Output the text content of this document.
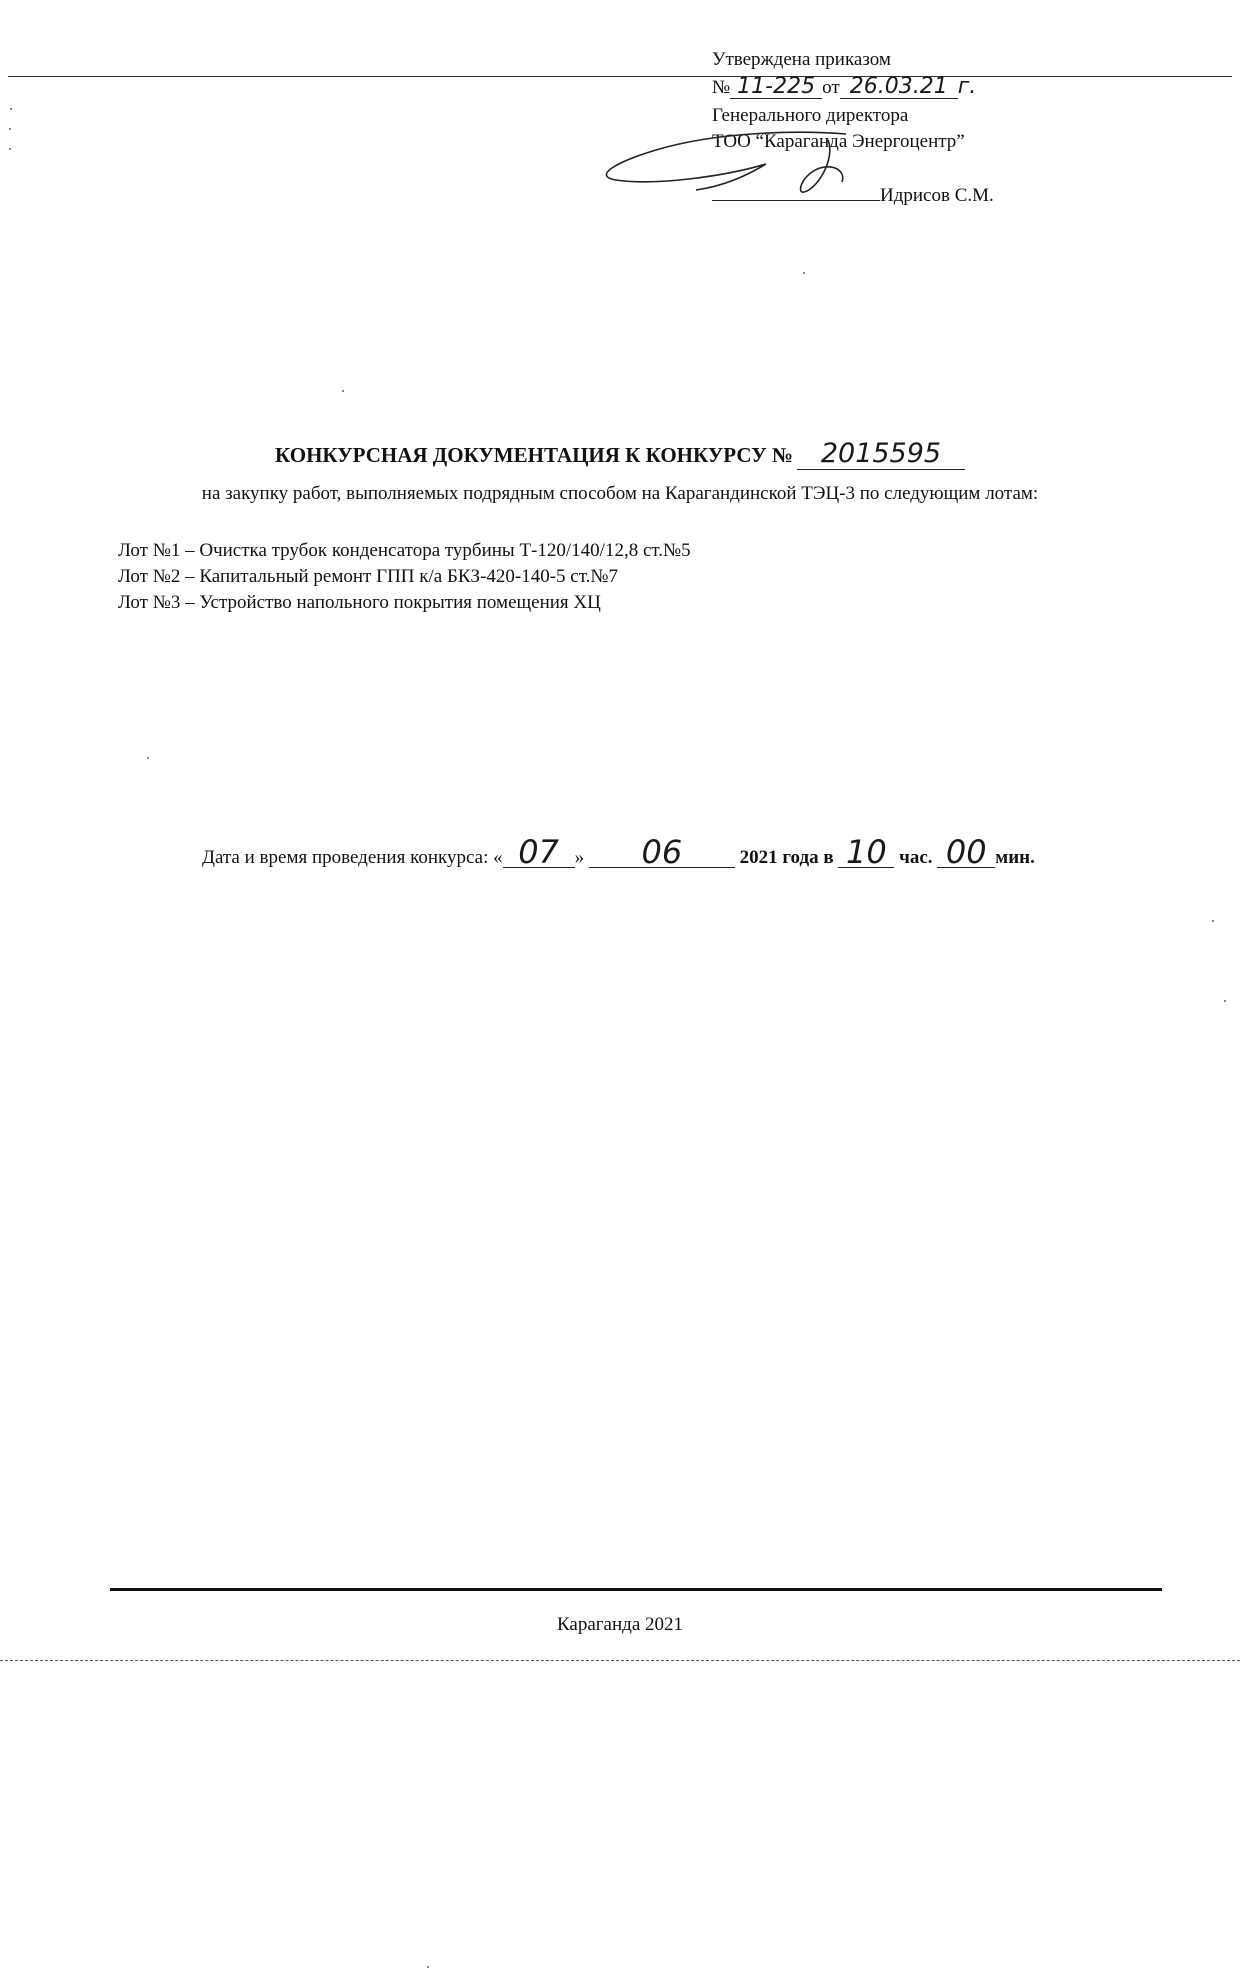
Утверждена приказом
№ 11-225 от 26.03.21 г.
Генерального директора
ТОО “Караганда Энергоцентр”
Идрисов С.М.
КОНКУРСНАЯ ДОКУМЕНТАЦИЯ К КОНКУРСУ № 2015595
на закупку работ, выполняемых подрядным способом на Карагандинской ТЭЦ-3 по следующим лотам:
Лот №1 – Очистка трубок конденсатора турбины Т-120/140/12,8 ст.№5
Лот №2 – Капитальный ремонт ГПП к/а БКЗ-420-140-5 ст.№7
Лот №3 – Устройство напольного покрытия помещения ХЦ
Дата и время проведения конкурса: « 07 » 06	2021 года в 10 час. 00 мин.
Караганда 2021
